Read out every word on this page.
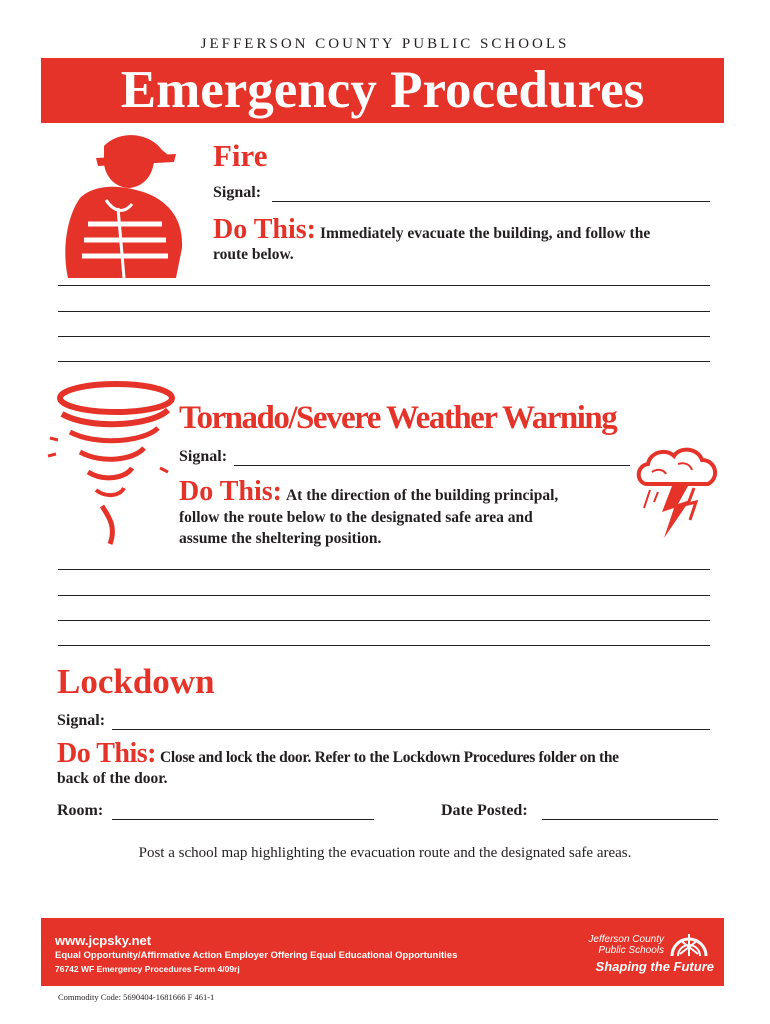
JEFFERSON COUNTY PUBLIC SCHOOLS
Emergency Procedures
Fire
Signal:
Do This: Immediately evacuate the building, and follow the
route below.
Tornado/Severe Weather Warning
Signal:
Do This: At the direction of the building principal,
follow the route below to the designated safe area and
assume the sheltering position.
Lockdown
Signal:
Do This: Close and lock the door. Refer to the Lockdown Procedures folder on the
back of the door.
Room:	Date Posted:
Post a school map highlighting the evacuation route and the designated safe areas.
www.jcpsky.net
Equal Opportunity/Affirmative Action Employer Offering Equal Educational Opportunities
76742 WF Emergency Procedures Form 4/09rj
Jefferson County
Public Schools
Shaping the Future
Commodity Code: 5690404-1681666 F 461-1
